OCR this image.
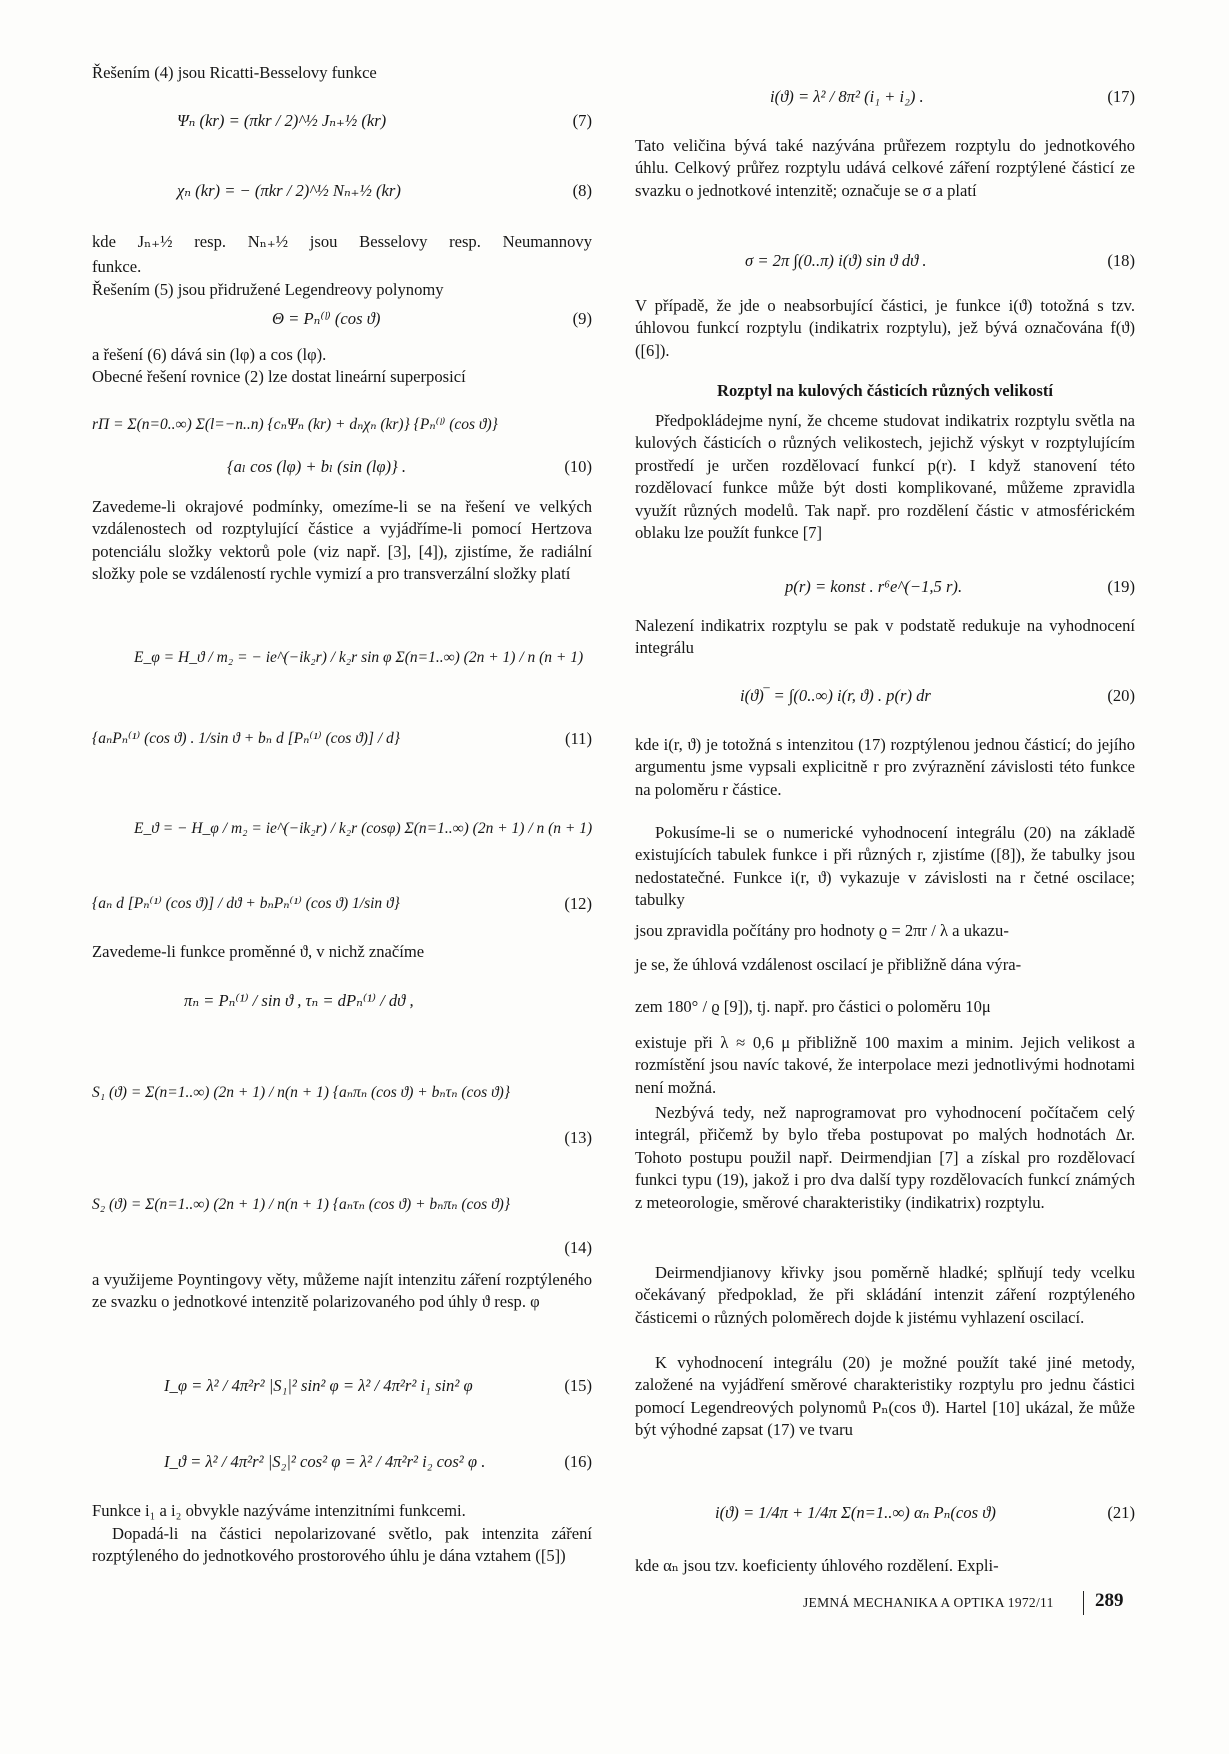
Řešením (4) jsou Ricatti-Besselovy funkce

Ψₙ (kr) = (πkr / 2)^½ Jₙ₊½ (kr)	(7)
χₙ (kr) = − (πkr / 2)^½ Nₙ₊½ (kr)	(8)

kde Jₙ₊½ resp. Nₙ₊½ jsou Besselovy resp. Neumannovy

funkce.

Řešením (5) jsou přidružené Legendreovy polynomy

Θ = Pₙ⁽ˡ⁾ (cos ϑ)	(9)

a řešení (6) dává sin (lφ) a cos (lφ).

Obecné řešení rovnice (2) lze dostat lineární superposicí

rΠ = Σ(n=0..∞) Σ(l=−n..n) {cₙΨₙ (kr) + dₙχₙ (kr)} {Pₙ⁽ˡ⁾ (cos ϑ)}
{aₗ cos (lφ) + bₗ (sin (lφ)} .	(10)

Zavedeme-li okrajové podmínky, omezíme-li se na řešení ve velkých vzdálenostech od rozptylující částice a vyjádříme-li pomocí Hertzova potenciálu složky vektorů pole (viz např. [3], [4]), zjistíme, že radiální složky pole se vzdáleností rychle vymizí a pro transverzální složky platí

E_φ = H_ϑ / m₂ = − ie^(−ik₂r) / k₂r sin φ Σ(n=1..∞) (2n + 1) / n (n + 1)
{aₙPₙ⁽¹⁾ (cos ϑ) . 1/sin ϑ + bₙ d [Pₙ⁽¹⁾ (cos ϑ)] / d}	(11)
E_ϑ = − H_φ / m₂ = ie^(−ik₂r) / k₂r (cosφ) Σ(n=1..∞) (2n + 1) / n (n + 1)
{aₙ d [Pₙ⁽¹⁾ (cos ϑ)] / dϑ + bₙPₙ⁽¹⁾ (cos ϑ) 1/sin ϑ}	(12)

Zavedeme-li funkce proměnné ϑ, v nichž značíme

πₙ = Pₙ⁽¹⁾ / sin ϑ , τₙ = dPₙ⁽¹⁾ / dϑ ,
S₁ (ϑ) = Σ(n=1..∞) (2n + 1) / n(n + 1) {aₙπₙ (cos ϑ) + bₙτₙ (cos ϑ)}
(13)
S₂ (ϑ) = Σ(n=1..∞) (2n + 1) / n(n + 1) {aₙτₙ (cos ϑ) + bₙπₙ (cos ϑ)}
(14)

a využijeme Poyntingovy věty, můžeme najít intenzitu záření rozptýleného ze svazku o jednotkové intenzitě polarizovaného pod úhly ϑ resp. φ

I_φ = λ² / 4π²r² |S₁|² sin² φ = λ² / 4π²r² i₁ sin² φ	(15)
I_ϑ = λ² / 4π²r² |S₂|² cos² φ = λ² / 4π²r² i₂ cos² φ .	(16)

Funkce i₁ a i₂ obvykle nazýváme intenzitními funkcemi.

Dopadá-li na částici nepolarizované světlo, pak intenzita záření rozptýleného do jednotkového prostorového úhlu je dána vztahem ([5])

i(ϑ) = λ² / 8π² (i₁ + i₂) .	(17)

Tato veličina bývá také nazývána průřezem rozptylu do jednotkového úhlu. Celkový průřez rozptylu udává celkové záření rozptýlené částicí ze svazku o jednotkové intenzitě; označuje se σ a platí

σ = 2π ∫(0..π) i(ϑ) sin ϑ dϑ .	(18)

V případě, že jde o neabsorbující částici, je funkce i(ϑ) totožná s tzv. úhlovou funkcí rozptylu (indikatrix rozptylu), jež bývá označována f(ϑ) ([6]).

Rozptyl na kulových částicích různých velikostí

Předpokládejme nyní, že chceme studovat indikatrix rozptylu světla na kulových částicích o různých velikostech, jejichž výskyt v rozptylujícím prostředí je určen rozdělovací funkcí p(r). I když stanovení této rozdělovací funkce může být dosti komplikované, můžeme zpravidla využít různých modelů. Tak např. pro rozdělení částic v atmosférickém oblaku lze použít funkce [7]

p(r) = konst . r⁶e^(−1,5 r).	(19)

Nalezení indikatrix rozptylu se pak v podstatě redukuje na vyhodnocení integrálu

i(ϑ)‾ = ∫(0..∞) i(r, ϑ) . p(r) dr	(20)

kde i(r, ϑ) je totožná s intenzitou (17) rozptýlenou jednou částicí; do jejího argumentu jsme vypsali explicitně r pro zvýraznění závislosti této funkce na poloměru r částice.

Pokusíme-li se o numerické vyhodnocení integrálu (20) na základě existujících tabulek funkce i při různých r, zjistíme ([8]), že tabulky jsou nedostatečné. Funkce i(r, ϑ) vykazuje v závislosti na r četné oscilace; tabulky

jsou zpravidla počítány pro hodnoty ϱ = 2πr / λ a ukazu-

je se, že úhlová vzdálenost oscilací je přibližně dána výra-

zem 180° / ϱ [9]), tj. např. pro částici o poloměru 10μ

existuje při λ ≈ 0,6 μ přibližně 100 maxim a minim. Jejich velikost a rozmístění jsou navíc takové, že interpolace mezi jednotlivými hodnotami není možná.

Nezbývá tedy, než naprogramovat pro vyhodnocení počítačem celý integrál, přičemž by bylo třeba postupovat po malých hodnotách Δr. Tohoto postupu použil např. Deirmendjian [7] a získal pro rozdělovací funkci typu (19), jakož i pro dva další typy rozdělovacích funkcí známých z meteorologie, směrové charakteristiky (indikatrix) rozptylu.

Deirmendjianovy křivky jsou poměrně hladké; splňují tedy vcelku očekávaný předpoklad, že při skládání intenzit záření rozptýleného částicemi o různých poloměrech dojde k jistému vyhlazení oscilací.

K vyhodnocení integrálu (20) je možné použít také jiné metody, založené na vyjádření směrové charakteristiky rozptylu pro jednu částici pomocí Legendreových polynomů Pₙ(cos ϑ). Hartel [10] ukázal, že může být výhodné zapsat (17) ve tvaru

i(ϑ) = 1/4π + 1/4π Σ(n=1..∞) αₙ Pₙ(cos ϑ)	(21)

kde αₙ jsou tzv. koeficienty úhlového rozdělení. Expli-

JEMNÁ MECHANIKA A OPTIKA 1972/11 289
